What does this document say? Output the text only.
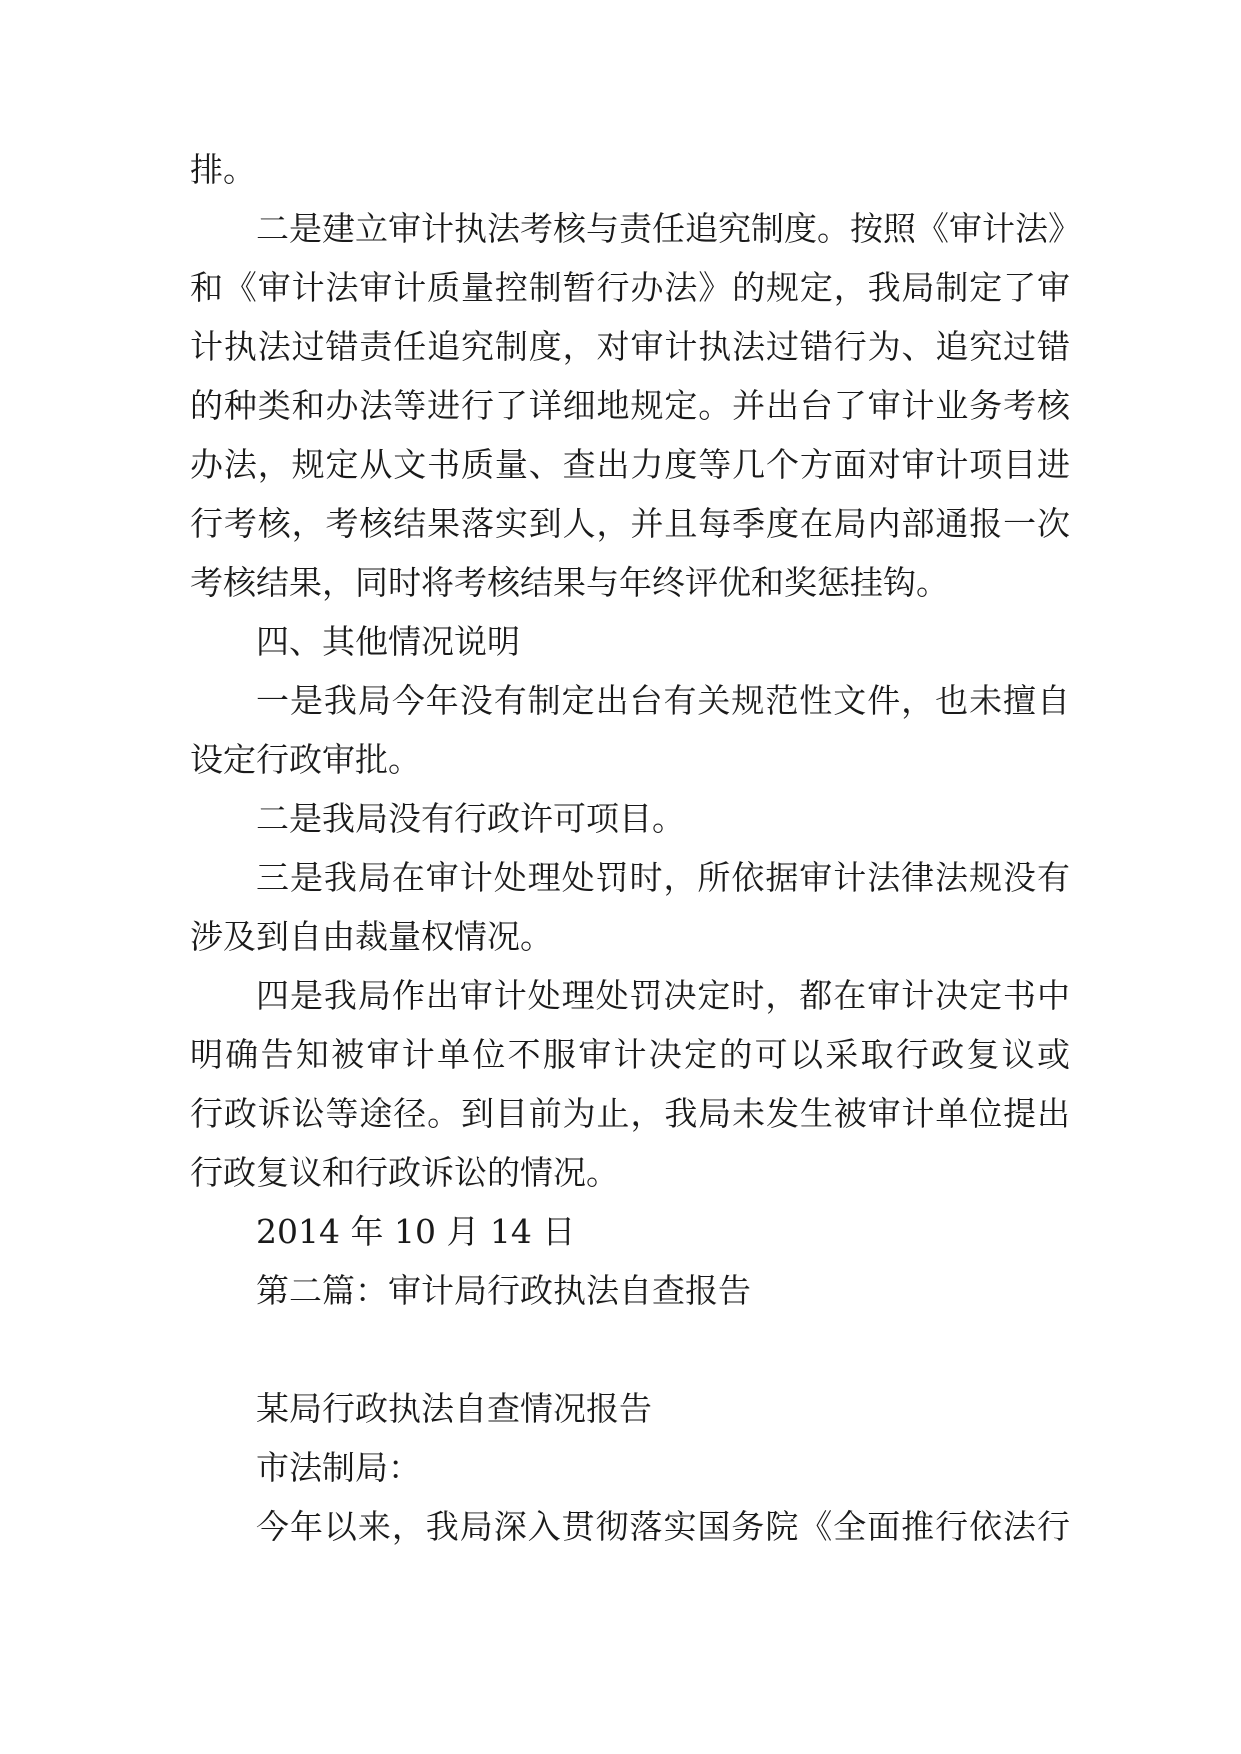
排。
二是建立审计执法考核与责任追究制度。按照《审计法》
和《审计法审计质量控制暂行办法》的规定，我局制定了审
计执法过错责任追究制度，对审计执法过错行为、追究过错
的种类和办法等进行了详细地规定。并出台了审计业务考核
办法，规定从文书质量、查出力度等几个方面对审计项目进
行考核，考核结果落实到人，并且每季度在局内部通报一次
考核结果，同时将考核结果与年终评优和奖惩挂钩。
四、其他情况说明
一是我局今年没有制定出台有关规范性文件，也未擅自
设定行政审批。
二是我局没有行政许可项目。
三是我局在审计处理处罚时，所依据审计法律法规没有
涉及到自由裁量权情况。
四是我局作出审计处理处罚决定时，都在审计决定书中
明确告知被审计单位不服审计决定的可以采取行政复议或
行政诉讼等途径。到目前为止，我局未发生被审计单位提出
行政复议和行政诉讼的情况。
2014 年 10 月 14 日
第二篇：审计局行政执法自查报告
某局行政执法自查情况报告
市法制局：
今年以来，我局深入贯彻落实国务院《全面推行依法行
